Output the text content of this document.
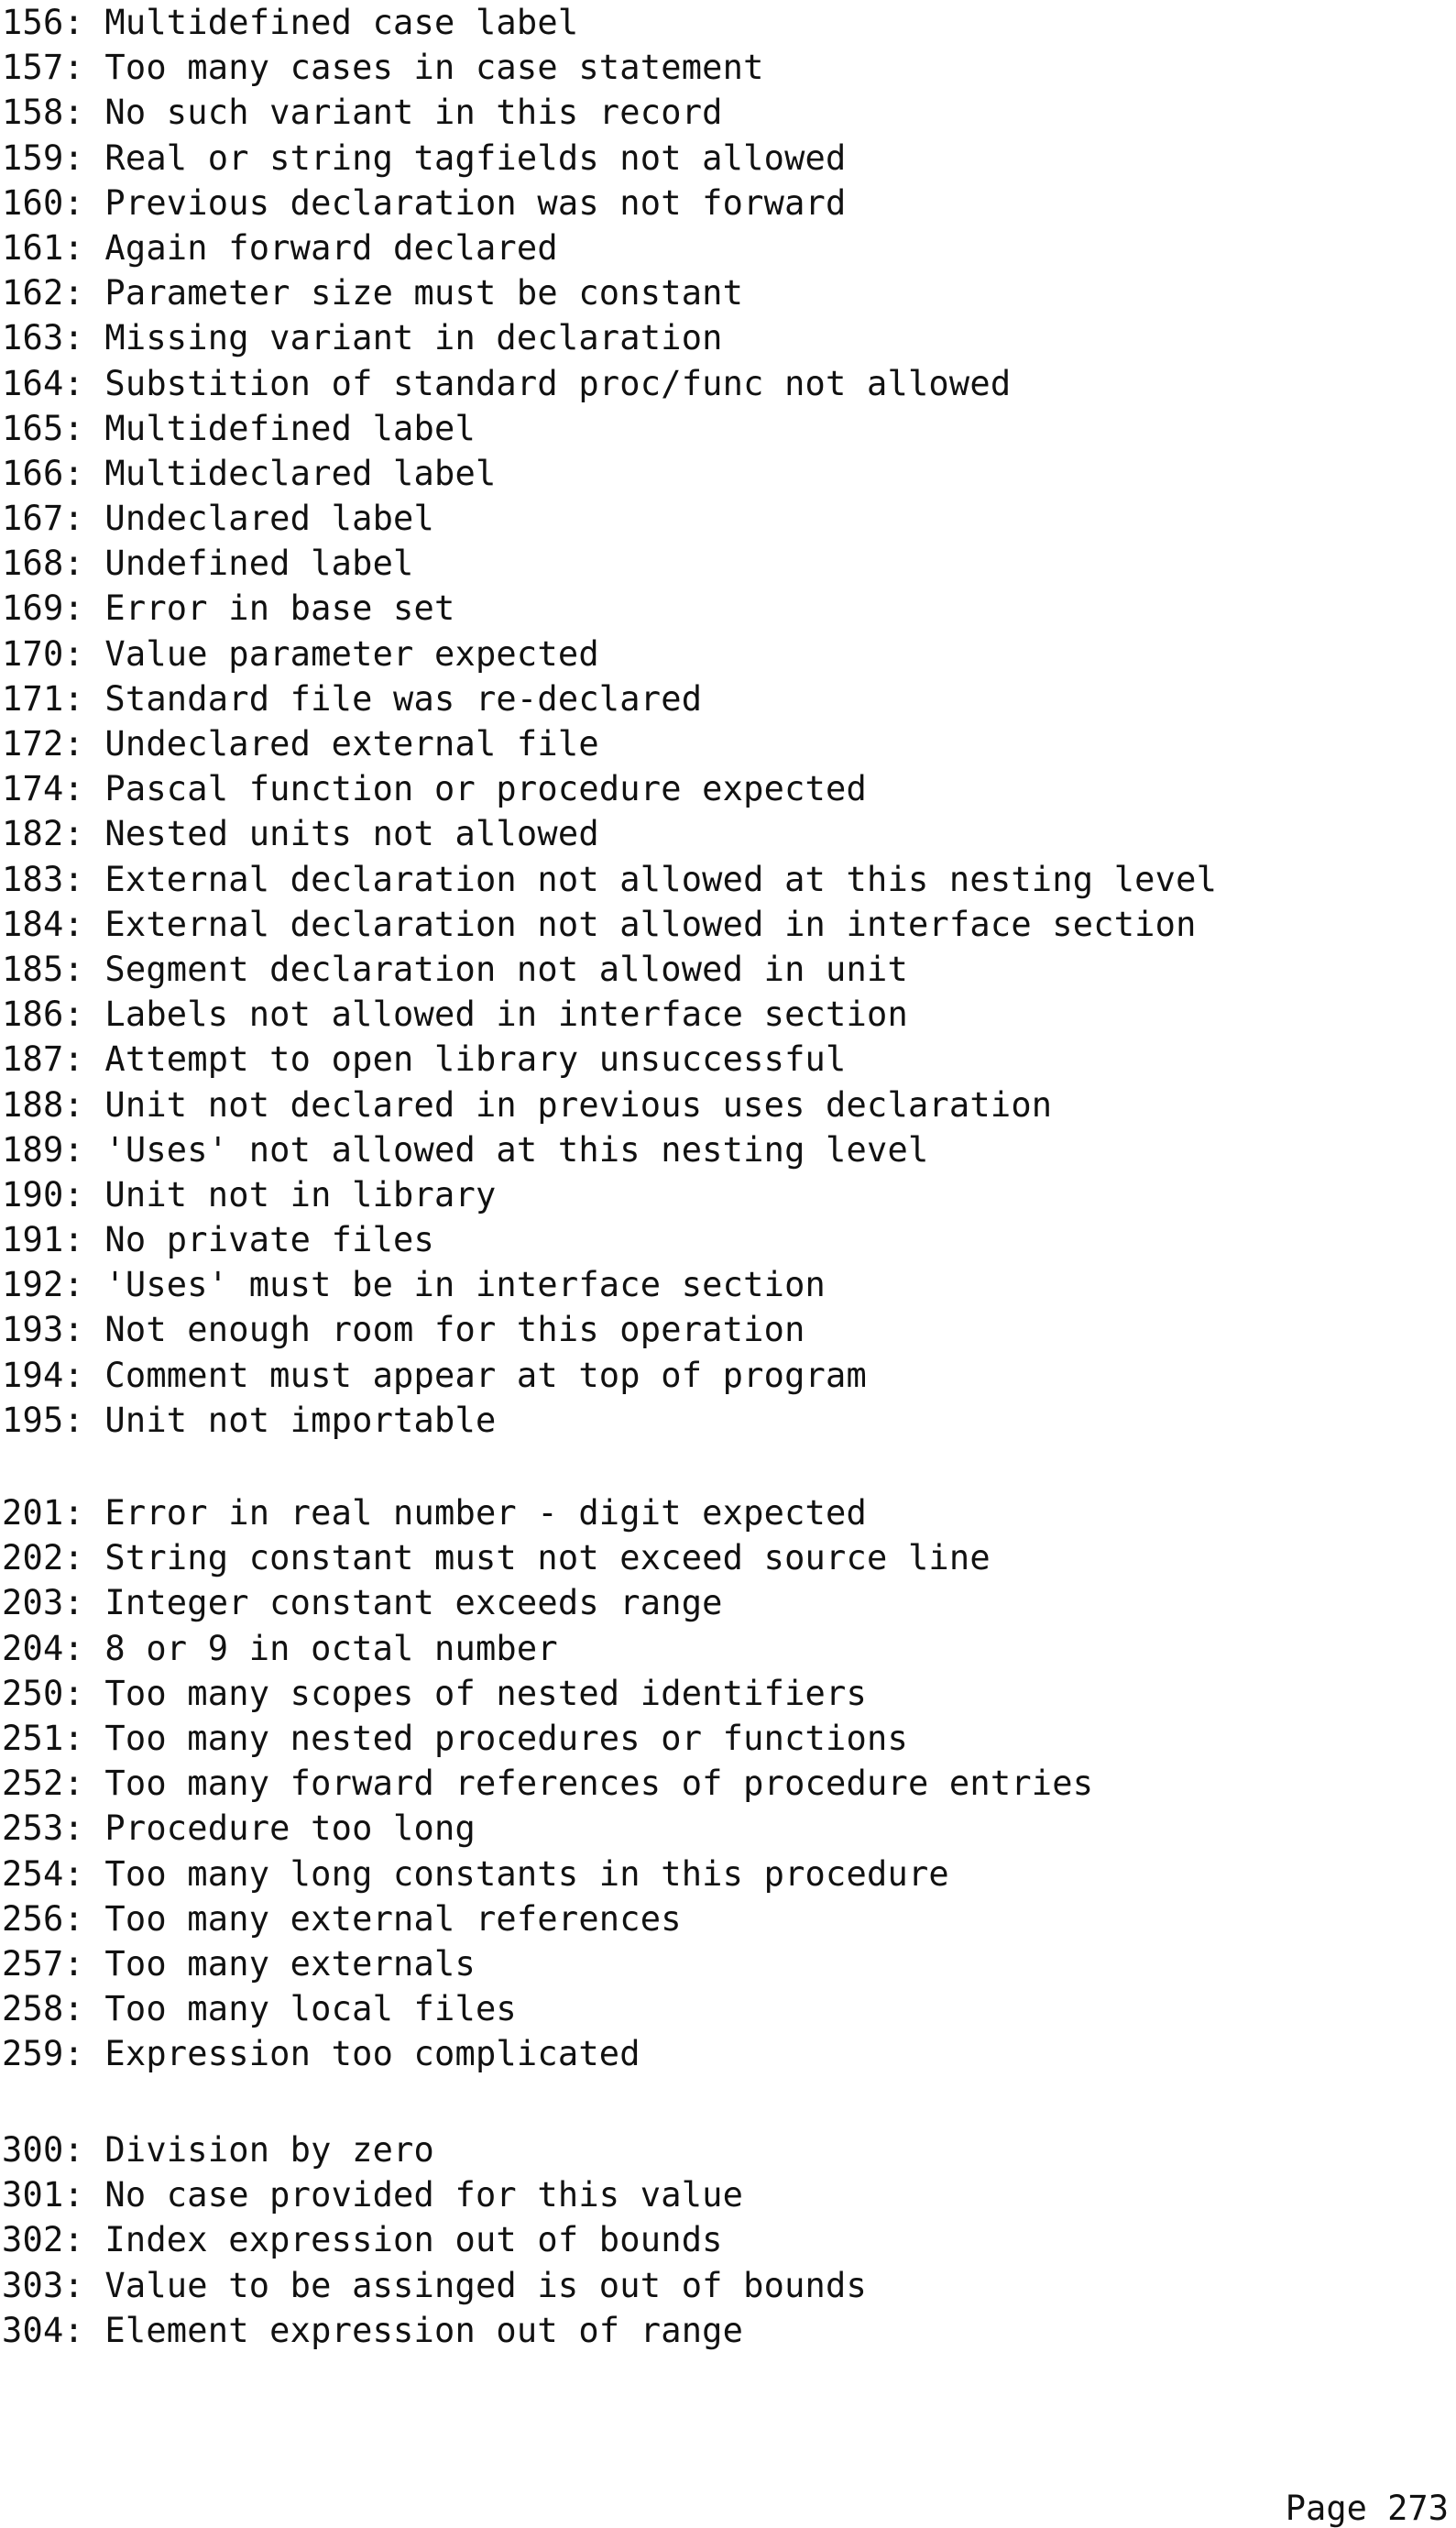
156: Multidefined case label
157: Too many cases in case statement
158: No such variant in this record
159: Real or string tagfields not allowed
160: Previous declaration was not forward
161: Again forward declared
162: Parameter size must be constant
163: Missing variant in declaration
164: Substition of standard proc/func not allowed
165: Multidefined label
166: Multideclared label
167: Undeclared label
168: Undefined label
169: Error in base set
170: Value parameter expected
171: Standard file was re-declared
172: Undeclared external file
174: Pascal function or procedure expected
182: Nested units not allowed
183: External declaration not allowed at this nesting level
184: External declaration not allowed in interface section
185: Segment declaration not allowed in unit
186: Labels not allowed in interface section
187: Attempt to open library unsuccessful
188: Unit not declared in previous uses declaration
189: 'Uses' not allowed at this nesting level
190: Unit not in library
191: No private files
192: 'Uses' must be in interface section
193: Not enough room for this operation
194: Comment must appear at top of program
195: Unit not importable
201: Error in real number - digit expected
202: String constant must not exceed source line
203: Integer constant exceeds range
204: 8 or 9 in octal number
250: Too many scopes of nested identifiers
251: Too many nested procedures or functions
252: Too many forward references of procedure entries
253: Procedure too long
254: Too many long constants in this procedure
256: Too many external references
257: Too many externals
258: Too many local files
259: Expression too complicated
300: Division by zero
301: No case provided for this value
302: Index expression out of bounds
303: Value to be assinged is out of bounds
304: Element expression out of range
Page 273
